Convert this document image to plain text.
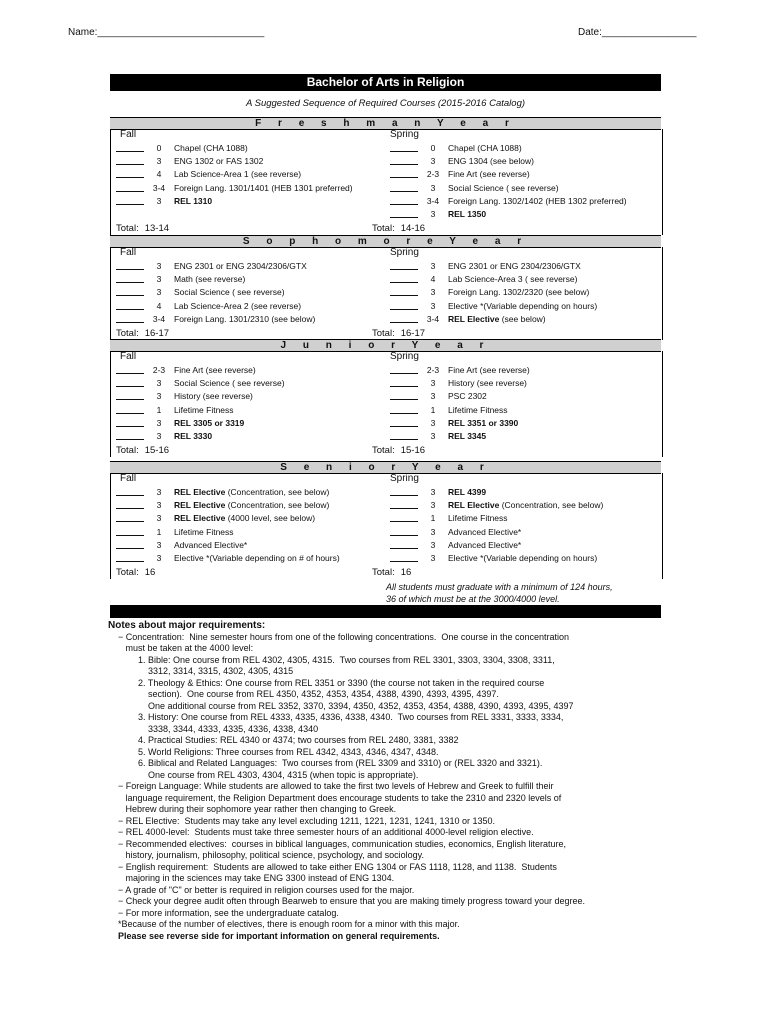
Name:______________________________	Date:_________________
Bachelor of Arts in Religion
A Suggested Sequence of Required Courses (2015-2016 Catalog)
F r e s h m a n Y e a r
Fall
0	Chapel (CHA 1088)
3	ENG 1302 or FAS 1302
4	Lab Science-Area 1 (see reverse)
3-4	Foreign Lang. 1301/1401 (HEB 1301 preferred)
3	REL 1310
Total: 13-14
Spring
0	Chapel (CHA 1088)
3	ENG 1304 (see below)
2-3	Fine Art (see reverse)
3	Social Science ( see reverse)
3-4	Foreign Lang. 1302/1402 (HEB 1302 preferred)
3	REL 1350
Total: 14-16
S o p h o m o r e Y e a r
Fall
3	ENG 2301 or ENG 2304/2306/GTX
3	Math (see reverse)
3	Social Science ( see reverse)
4	Lab Science-Area 2 (see reverse)
3-4	Foreign Lang. 1301/2310 (see below)
Total: 16-17
Spring
3	ENG 2301 or ENG 2304/2306/GTX
4	Lab Science-Area 3 ( see reverse)
3	Foreign Lang. 1302/2320 (see below)
3	Elective *(Variable depending on hours)
3-4	REL Elective (see below)
Total: 16-17
J u n i o r Y e a r
Fall
2-3	Fine Art (see reverse)
3	Social Science ( see reverse)
3	History (see reverse)
1	Lifetime Fitness
3	REL 3305 or 3319
3	REL 3330
Total: 15-16
Spring
2-3	Fine Art (see reverse)
3	History (see reverse)
3	PSC 2302
1	Lifetime Fitness
3	REL 3351 or 3390
3	REL 3345
Total: 15-16
S e n i o r Y e a r
Fall
3	REL Elective (Concentration, see below)
3	REL Elective (Concentration, see below)
3	REL Elective (4000 level, see below)
1	Lifetime Fitness
3	Advanced Elective*
3	Elective *(Variable depending on # of hours)
Total: 16
Spring
3	REL 4399
3	REL Elective (Concentration, see below)
1	Lifetime Fitness
3	Advanced Elective*
3	Advanced Elective*
3	Elective *(Variable depending on hours)
Total: 16
All students must graduate with a minimum of 124 hours,
36 of which must be at the 3000/4000 level.
Notes about major requirements:
− Concentration:  Nine semester hours from one of the following concentrations.  One course in the concentration
must be taken at the 4000 level:
1. Bible: One course from REL 4302, 4305, 4315.  Two courses from REL 3301, 3303, 3304, 3308, 3311,
3312, 3314, 3315, 4302, 4305, 4315
2. Theology & Ethics: One course from REL 3351 or 3390 (the course not taken in the required course
section).  One course from REL 4350, 4352, 4353, 4354, 4388, 4390, 4393, 4395, 4397.
One additional course from REL 3352, 3370, 3394, 4350, 4352, 4353, 4354, 4388, 4390, 4393, 4395, 4397
3. History: One course from REL 4333, 4335, 4336, 4338, 4340.  Two courses from REL 3331, 3333, 3334,
3338, 3344, 4333, 4335, 4336, 4338, 4340
4. Practical Studies: REL 4340 or 4374; two courses from REL 2480, 3381, 3382
5. World Religions: Three courses from REL 4342, 4343, 4346, 4347, 4348.
6. Biblical and Related Languages:  Two courses from (REL 3309 and 3310) or (REL 3320 and 3321).
One course from REL 4303, 4304, 4315 (when topic is appropriate).
− Foreign Language: While students are allowed to take the first two levels of Hebrew and Greek to fulfill their
language requirement, the Religion Department does encourage students to take the 2310 and 2320 levels of
Hebrew during their sophomore year rather then changing to Greek.
− REL Elective:  Students may take any level excluding 1211, 1221, 1231, 1241, 1310 or 1350.
− REL 4000-level:  Students must take three semester hours of an additional 4000-level religion elective.
− Recommended electives:  courses in biblical languages, communication studies, economics, English literature,
history, journalism, philosophy, political science, psychology, and sociology.
− English requirement:  Students are allowed to take either ENG 1304 or FAS 1118, 1128, and 1138.  Students
majoring in the sciences may take ENG 3300 instead of ENG 1304.
− A grade of "C" or better is required in religion courses used for the major.
− Check your degree audit often through Bearweb to ensure that you are making timely progress toward your degree.
− For more information, see the undergraduate catalog.
*Because of the number of electives, there is enough room for a minor with this major.
Please see reverse side for important information on general requirements.
